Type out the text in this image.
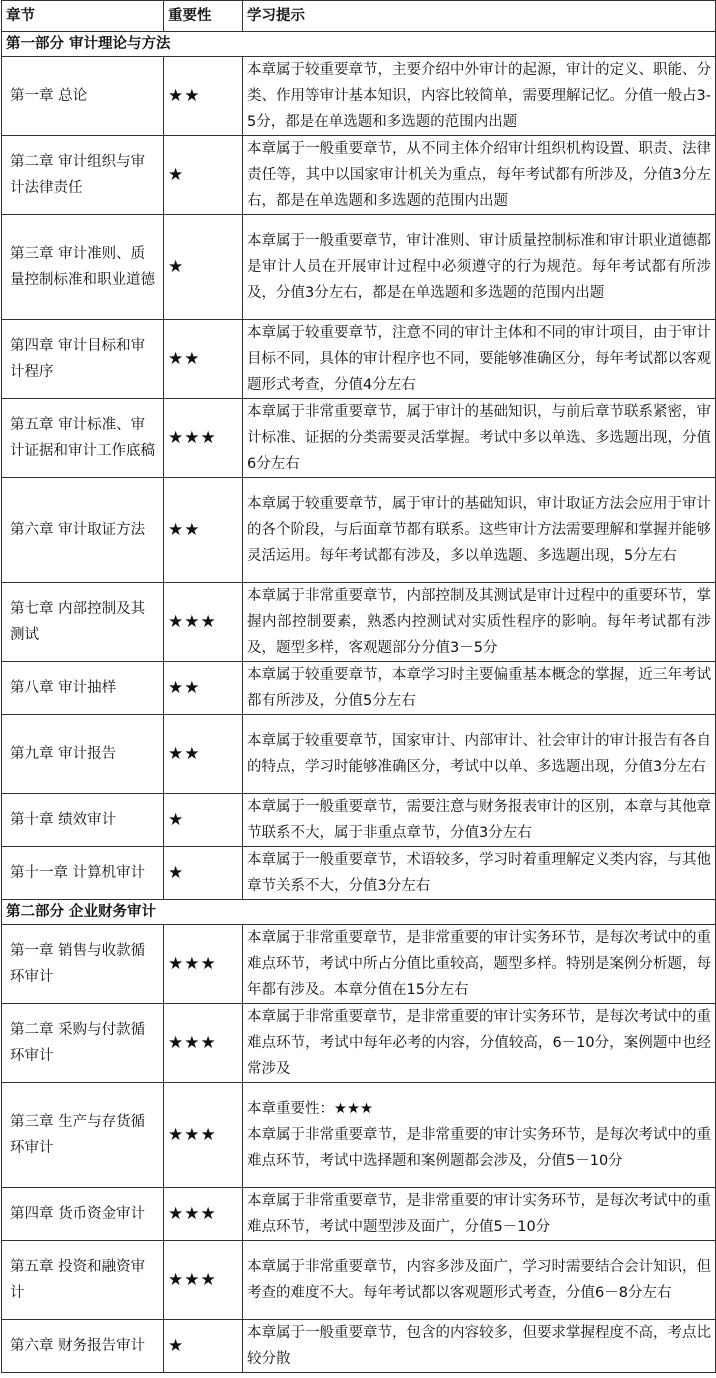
章节	重要性	学习提示
第一部分 审计理论与方法		
第一章 总论	★★	本章属于较重要章节，主要介绍中外审计的起源，审计的定义、职能、分类、作用等审计基本知识，内容比较简单，需要理解记忆。分值一般占3-5分，都是在单选题和多选题的范围内出题
第二章 审计组织与审计法律责任	★	本章属于一般重要章节，从不同主体介绍审计组织机构设置、职责、法律责任等，其中以国家审计机关为重点，每年考试都有所涉及，分值3分左右，都是在单选题和多选题的范围内出题
第三章 审计准则、质量控制标准和职业道德	★	本章属于一般重要章节，审计准则、审计质量控制标准和审计职业道德都是审计人员在开展审计过程中必须遵守的行为规范。每年考试都有所涉及，分值3分左右，都是在单选题和多选题的范围内出题
第四章 审计目标和审计程序	★★	本章属于较重要章节，注意不同的审计主体和不同的审计项目，由于审计目标不同，具体的审计程序也不同，要能够准确区分，每年考试都以客观题形式考查，分值4分左右
第五章 审计标准、审计证据和审计工作底稿	★★★	本章属于非常重要章节，属于审计的基础知识，与前后章节联系紧密，审计标准、证据的分类需要灵活掌握。考试中多以单选、多选题出现，分值6分左右
第六章 审计取证方法	★★	本章属于较重要章节，属于审计的基础知识，审计取证方法会应用于审计的各个阶段，与后面章节都有联系。这些审计方法需要理解和掌握并能够灵活运用。每年考试都有涉及，多以单选题、多选题出现，5分左右
第七章 内部控制及其测试	★★★	本章属于非常重要章节，内部控制及其测试是审计过程中的重要环节，掌握内部控制要素，熟悉内控测试对实质性程序的影响。每年考试都有涉及，题型多样，客观题部分分值3－5分
第八章 审计抽样	★★	本章属于较重要章节，本章学习时主要偏重基本概念的掌握，近三年考试都有所涉及，分值5分左右
第九章 审计报告	★★	本章属于较重要章节，国家审计、内部审计、社会审计的审计报告有各自的特点，学习时能够准确区分，考试中以单、多选题出现，分值3分左右
第十章 绩效审计	★	本章属于一般重要章节，需要注意与财务报表审计的区别，本章与其他章节联系不大，属于非重点章节，分值3分左右
第十一章 计算机审计	★	本章属于一般重要章节，术语较多，学习时着重理解定义类内容，与其他章节关系不大，分值3分左右
第二部分 企业财务审计		
第一章 销售与收款循环审计	★★★	本章属于非常重要章节，是非常重要的审计实务环节，是每次考试中的重难点环节，考试中所占分值比重较高，题型多样。特别是案例分析题，每年都有涉及。本章分值在15分左右
第二章 采购与付款循环审计	★★★	本章属于非常重要章节，是非常重要的审计实务环节，是每次考试中的重难点环节，考试中每年必考的内容，分值较高，6－10分，案例题中也经常涉及
第三章 生产与存货循环审计	★★★	本章重要性：★★★
本章属于非常重要章节，是非常重要的审计实务环节，是每次考试中的重难点环节，考试中选择题和案例题都会涉及，分值5－10分
第四章 货币资金审计	★★★	本章属于非常重要章节，是非常重要的审计实务环节，是每次考试中的重难点环节，考试中题型涉及面广，分值5－10分
第五章 投资和融资审计	★★★	本章属于非常重要章节，内容多涉及面广，学习时需要结合会计知识，但考查的难度不大。每年考试都以客观题形式考查，分值6－8分左右
第六章 财务报告审计	★	本章属于一般重要章节，包含的内容较多，但要求掌握程度不高，考点比较分散
